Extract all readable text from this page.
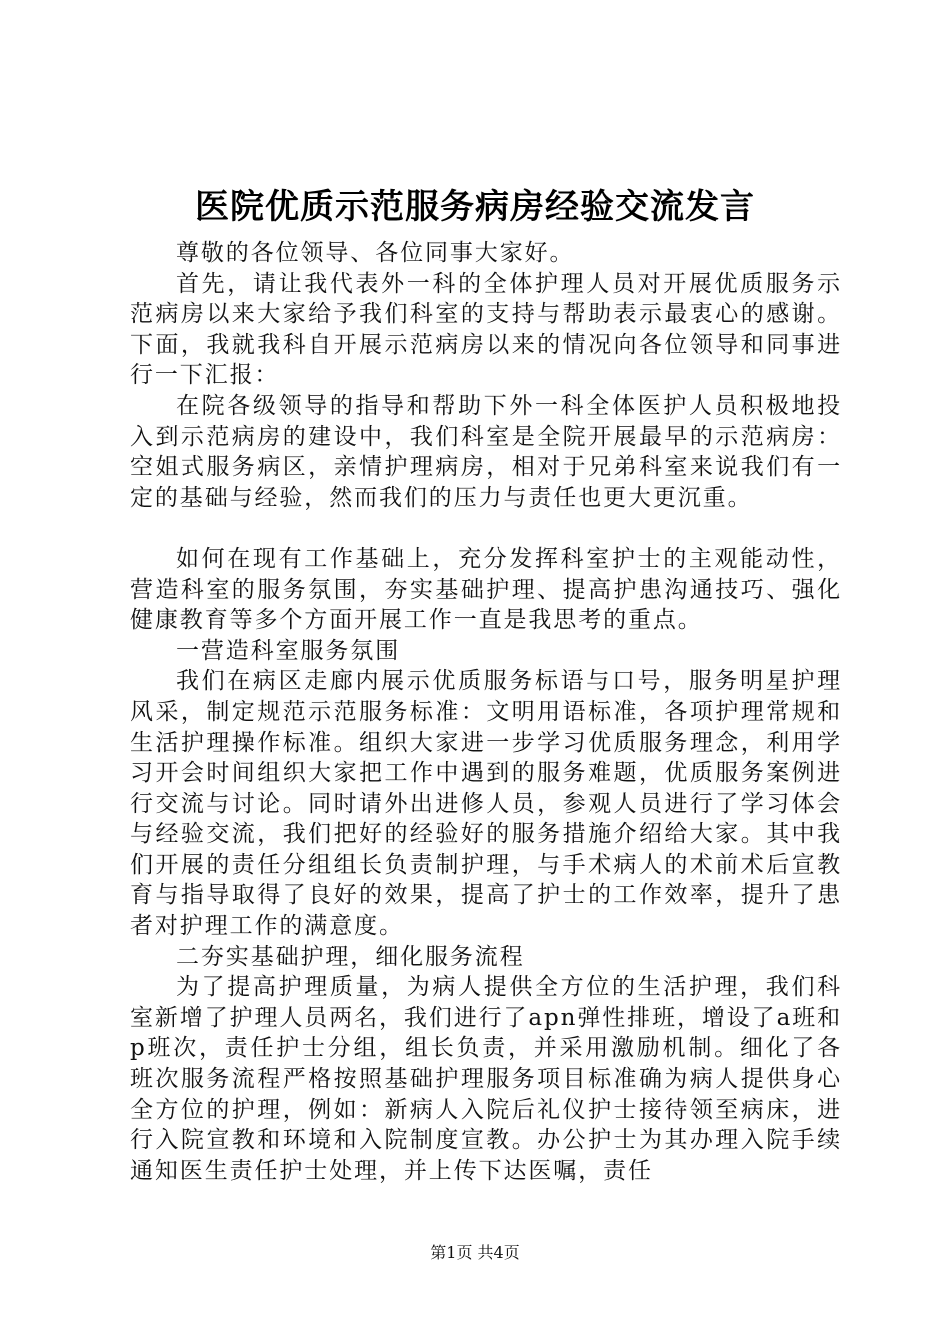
医院优质示范服务病房经验交流发言

尊敬的各位领导、各位同事大家好。

首先，请让我代表外一科的全体护理人员对开展优质服务示范病房以来大家给予我们科室的支持与帮助表示最衷心的感谢。下面，我就我科自开展示范病房以来的情况向各位领导和同事进行一下汇报：

在院各级领导的指导和帮助下外一科全体医护人员积极地投入到示范病房的建设中，我们科室是全院开展最早的示范病房：空姐式服务病区，亲情护理病房，相对于兄弟科室来说我们有一定的基础与经验，然而我们的压力与责任也更大更沉重。

如何在现有工作基础上，充分发挥科室护士的主观能动性，营造科室的服务氛围，夯实基础护理、提高护患沟通技巧、强化健康教育等多个方面开展工作一直是我思考的重点。

一营造科室服务氛围

我们在病区走廊内展示优质服务标语与口号，服务明星护理风采，制定规范示范服务标准：文明用语标准，各项护理常规和生活护理操作标准。组织大家进一步学习优质服务理念，利用学习开会时间组织大家把工作中遇到的服务难题，优质服务案例进行交流与讨论。同时请外出进修人员，参观人员进行了学习体会与经验交流，我们把好的经验好的服务措施介绍给大家。其中我们开展的责任分组组长负责制护理，与手术病人的术前术后宣教育与指导取得了良好的效果，提高了护士的工作效率，提升了患者对护理工作的满意度。

二夯实基础护理，细化服务流程

为了提高护理质量，为病人提供全方位的生活护理，我们科室新增了护理人员两名，我们进行了apn弹性排班，增设了a班和p班次，责任护士分组，组长负责，并采用激励机制。细化了各班次服务流程严格按照基础护理服务项目标准确为病人提供身心全方位的护理，例如：新病人入院后礼仪护士接待领至病床，进行入院宣教和环境和入院制度宣教。办公护士为其办理入院手续通知医生责任护士处理，并上传下达医嘱，责任

第1页 共4页
